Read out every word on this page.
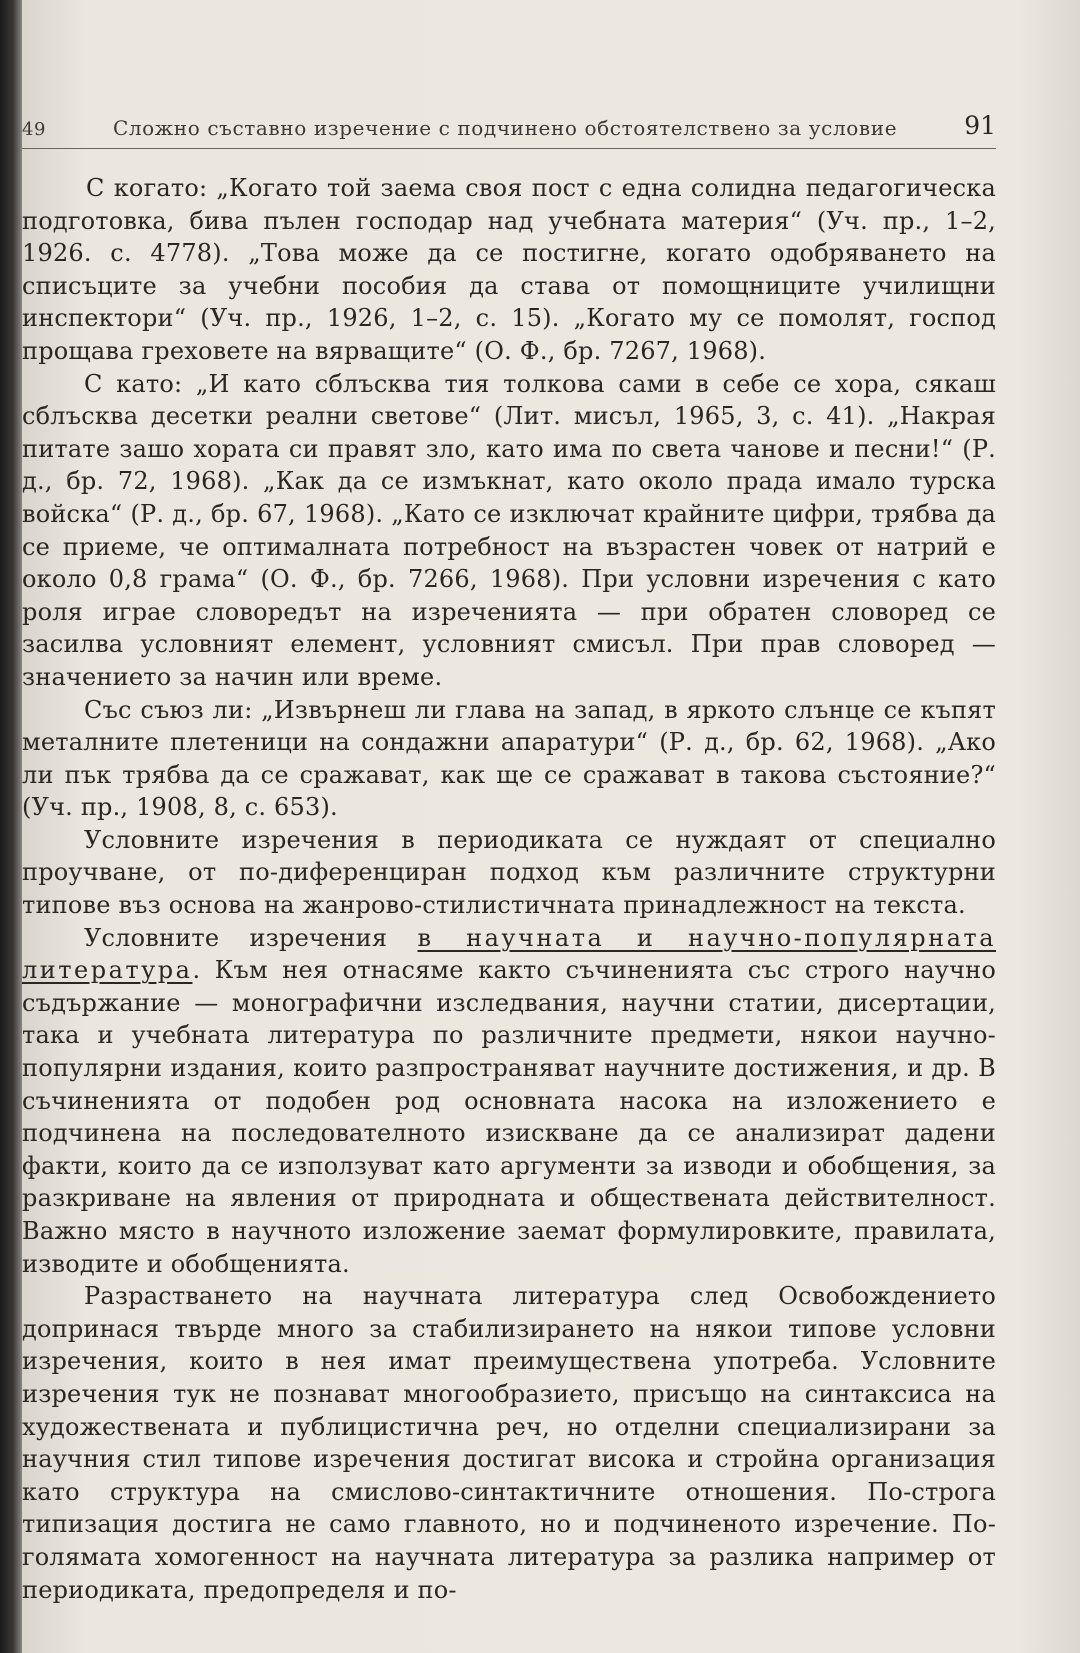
49	Сложно съставно изречение с подчинено обстоятелствено за условие	91

С когато: „Когато той заема своя пост с една солидна педагогическа подготовка, бива пълен господар над учебната материя“ (Уч. пр., 1–2, 1926. с. 4778). „Това може да се постигне, когато одобряването на списъците за учебни пособия да става от помощниците училищни инспектори“ (Уч. пр., 1926, 1–2, с. 15). „Когато му се помолят, господ прощава греховете на вярващите“ (О. Ф., бр. 7267, 1968).

С като: „И като сблъсква тия толкова сами в себе се хора, сякаш сблъсква десетки реални светове“ (Лит. мисъл, 1965, 3, с. 41). „Накрая питате зашо хората си правят зло, като има по света чанове и песни!“ (Р. д., бр. 72, 1968). „Как да се измъкнат, като около прада имало турска войска“ (Р. д., бр. 67, 1968). „Като се изключат крайните цифри, трябва да се приеме, че оптималната потребност на възрастен човек от натрий е около 0,8 грама“ (О. Ф., бр. 7266, 1968). При условни изречения с като роля играе словоредът на изреченията — при обратен словоред се засилва условният елемент, условният смисъл. При прав словоред — значението за начин или време.

Със съюз ли: „Извърнеш ли глава на запад, в яркото слънце се къпят металните плетеници на сондажни апаратури“ (Р. д., бр. 62, 1968). „Ако ли пък трябва да се сражават, как ще се сражават в такова състояние?“ (Уч. пр., 1908, 8, с. 653).

Условните изречения в периодиката се нуждаят от специално проучване, от по-диференциран подход към различните структурни типове въз основа на жанрово-стилистичната принадлежност на текста.

Условните изречения в научната и научно-популярната литература. Към нея отнасяме както съчиненията със строго научно съдържание — монографични изследвания, научни статии, дисертации, така и учебната литература по различните предмети, някои научно-популярни издания, които разпространяват научните достижения, и др. В съчиненията от подобен род основната насока на изложението е подчинена на последователното изискване да се анализират дадени факти, които да се използуват като аргументи за изводи и обобщения, за разкриване на явления от природната и обществената действителност. Важно място в научното изложение заемат формулировките, правилата, изводите и обобщенията.

Разрастването на научната литература след Освобождението допринася твърде много за стабилизирането на някои типове условни изречения, които в нея имат преимуществена употреба. Условните изречения тук не познават многообразието, присъщо на синтаксиса на художествената и публицистична реч, но отделни специализирани за научния стил типове изречения достигат висока и стройна организация като структура на смислово-синтактичните отношения. По-строга типизация достига не само главното, но и подчиненото изречение. По-голямата хомогенност на научната литература за разлика например от периодиката, предопределя и по-
